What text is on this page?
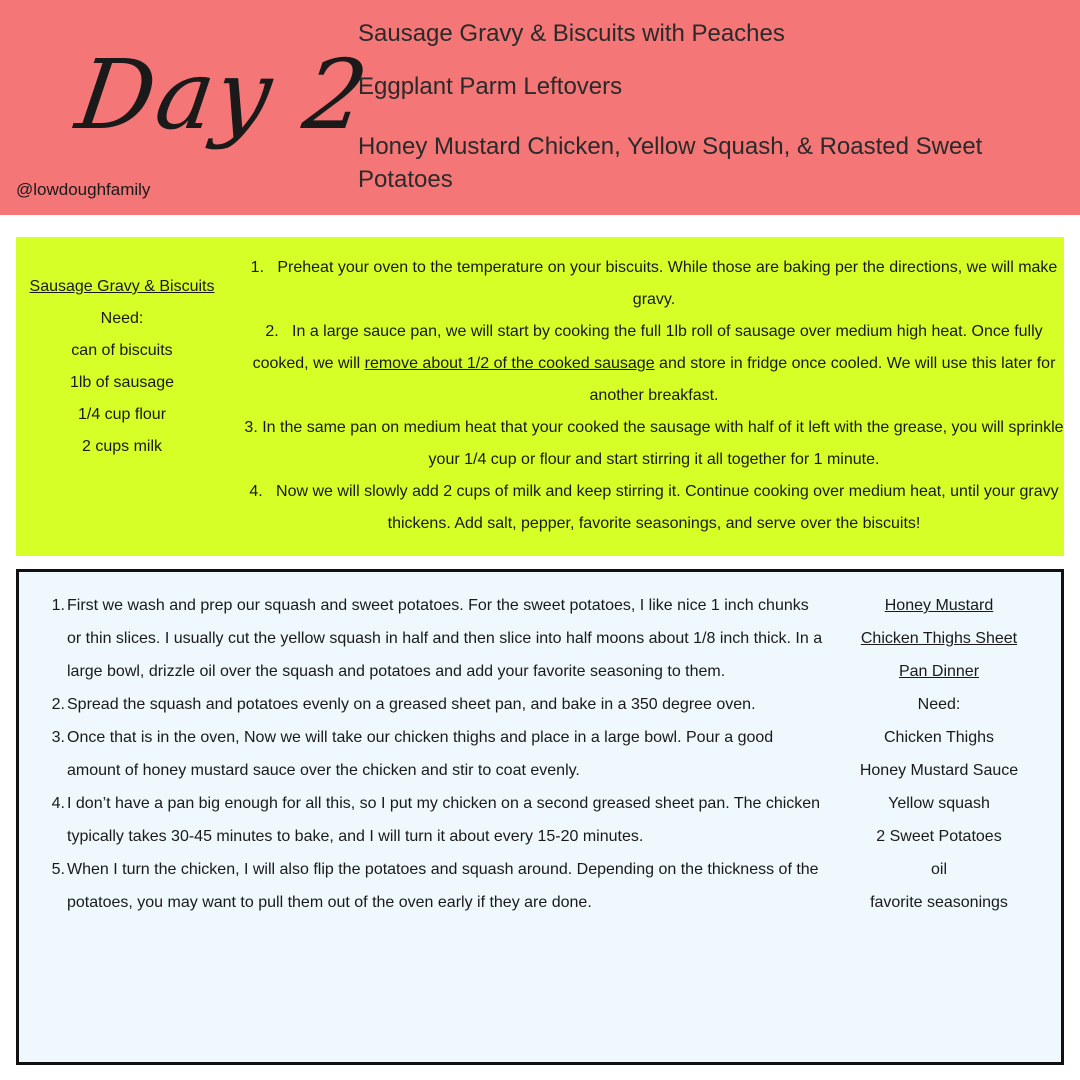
Day 2
@lowdoughfamily
Sausage Gravy & Biscuits with Peaches
Eggplant Parm Leftovers
Honey Mustard Chicken, Yellow Squash, & Roasted Sweet Potatoes
Sausage Gravy & Biscuits
Need:
can of biscuits
1lb of sausage
1/4 cup flour
2 cups milk

1. Preheat your oven to the temperature on your biscuits. While those are baking per the directions, we will make gravy.

2. In a large sauce pan, we will start by cooking the full 1lb roll of sausage over medium high heat. Once fully cooked, we will remove about 1/2 of the cooked sausage and store in fridge once cooled. We will use this later for another breakfast.

3. In the same pan on medium heat that your cooked the sausage with half of it left with the grease, you will sprinkle your 1/4 cup or flour and start stirring it all together for 1 minute.

4. Now we will slowly add 2 cups of milk and keep stirring it. Continue cooking over medium heat, until your gravy thickens. Add salt, pepper, favorite seasonings, and serve over the biscuits!

1. First we wash and prep our squash and sweet potatoes. For the sweet potatoes, I like nice 1 inch chunks or thin slices. I usually cut the yellow squash in half and then slice into half moons about 1/8 inch thick. In a large bowl, drizzle oil over the squash and potatoes and add your favorite seasoning to them.
2. Spread the squash and potatoes evenly on a greased sheet pan, and bake in a 350 degree oven.
3. Once that is in the oven, Now we will take our chicken thighs and place in a large bowl. Pour a good amount of honey mustard sauce over the chicken and stir to coat evenly.
4. I don’t have a pan big enough for all this, so I put my chicken on a second greased sheet pan. The chicken typically takes 30-45 minutes to bake, and I will turn it about every 15-20 minutes.
5. When I turn the chicken, I will also flip the potatoes and squash around. Depending on the thickness of the potatoes, you may want to pull them out of the oven early if they are done.
Honey Mustard
Chicken Thighs Sheet
Pan Dinner
Need:
Chicken Thighs
Honey Mustard Sauce
Yellow squash
2 Sweet Potatoes
oil
favorite seasonings
